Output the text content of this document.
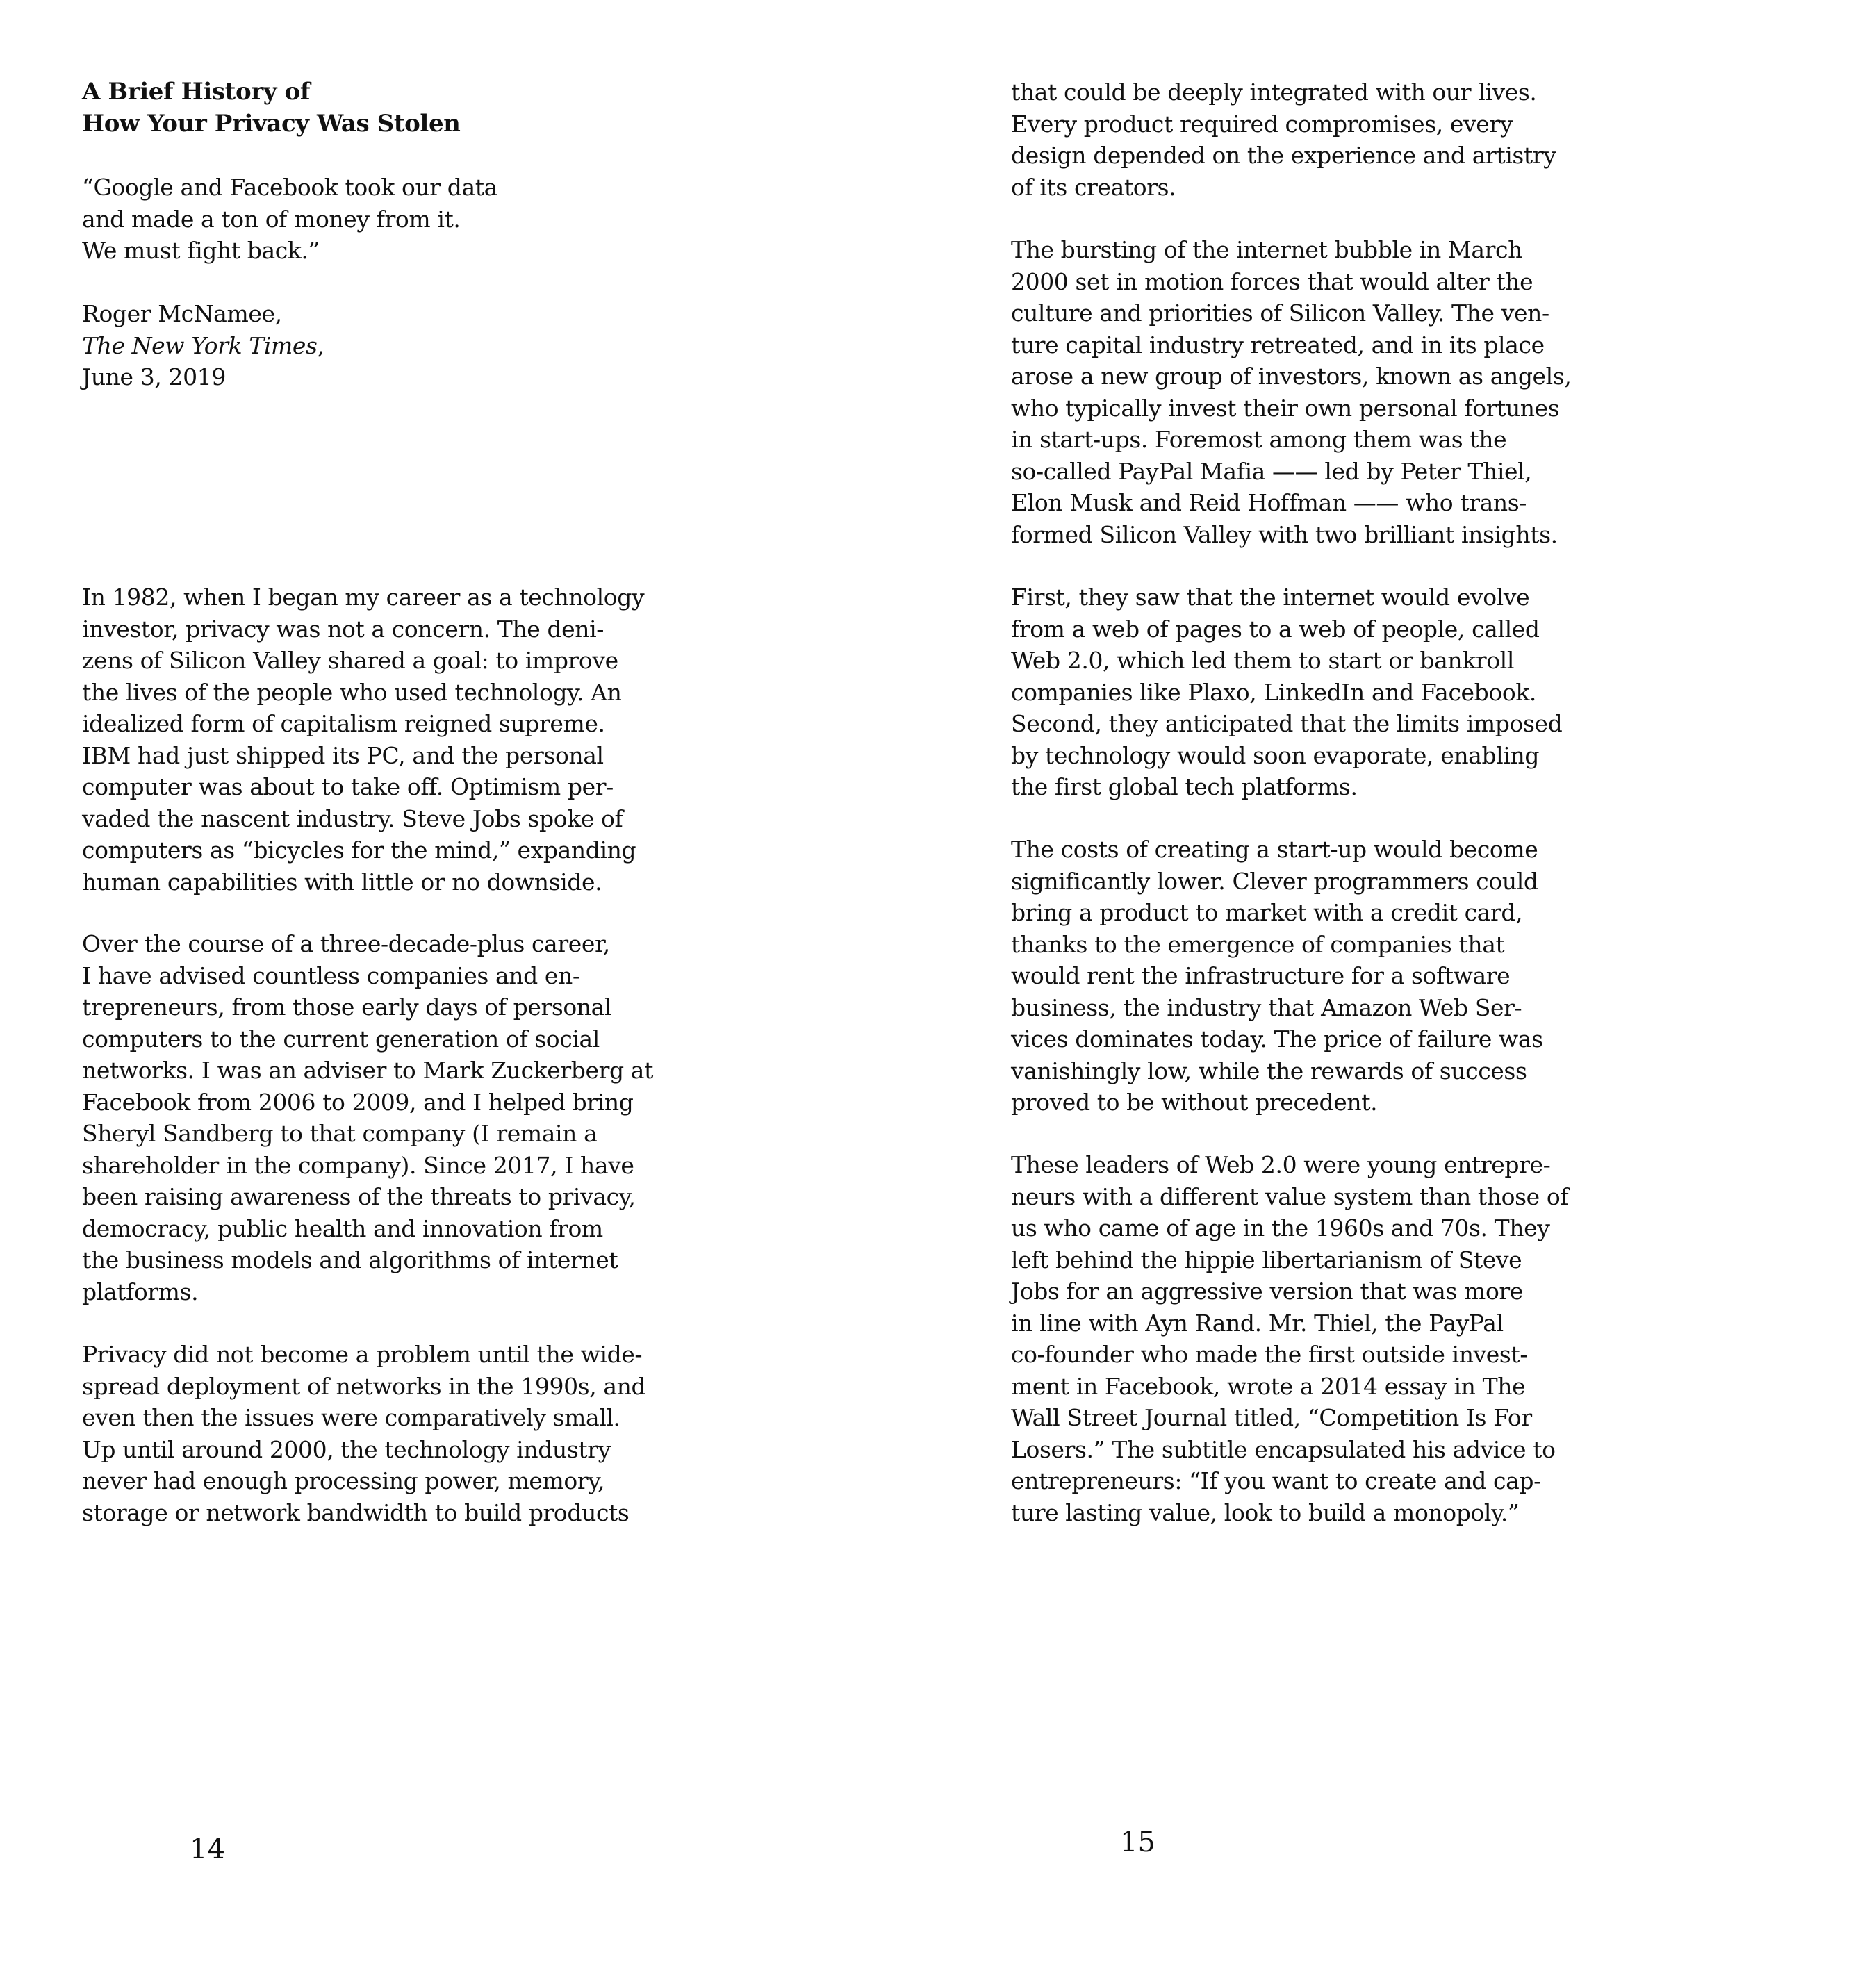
A Brief History of
How Your Privacy Was Stolen
“Google and Facebook took our data
and made a ton of money from it.
We must fight back.”
Roger McNamee,
The New York Times,
June 3, 2019
In 1982, when I began my career as a technology
investor, privacy was not a concern. The deni-
zens of Silicon Valley shared a goal: to improve
the lives of the people who used technology. An
idealized form of capitalism reigned supreme.
IBM had just shipped its PC, and the personal
computer was about to take off. Optimism per-
vaded the nascent industry. Steve Jobs spoke of
computers as “bicycles for the mind,” expanding
human capabilities with little or no downside.
Over the course of a three-decade-plus career,
I have advised countless companies and en-
trepreneurs, from those early days of personal
computers to the current generation of social
networks. I was an adviser to Mark Zuckerberg at
Facebook from 2006 to 2009, and I helped bring
Sheryl Sandberg to that company (I remain a
shareholder in the company). Since 2017, I have
been raising awareness of the threats to privacy,
democracy, public health and innovation from
the business models and algorithms of internet
platforms.
Privacy did not become a problem until the wide-
spread deployment of networks in the 1990s, and
even then the issues were comparatively small.
Up until around 2000, the technology industry
never had enough processing power, memory,
storage or network bandwidth to build products
14
that could be deeply integrated with our lives.
Every product required compromises, every
design depended on the experience and artistry
of its creators.
The bursting of the internet bubble in March
2000 set in motion forces that would alter the
culture and priorities of Silicon Valley. The ven-
ture capital industry retreated, and in its place
arose a new group of investors, known as angels,
who typically invest their own personal fortunes
in start-ups. Foremost among them was the
so-called PayPal Mafia —— led by Peter Thiel,
Elon Musk and Reid Hoffman —— who trans-
formed Silicon Valley with two brilliant insights.
First, they saw that the internet would evolve
from a web of pages to a web of people, called
Web 2.0, which led them to start or bankroll
companies like Plaxo, LinkedIn and Facebook.
Second, they anticipated that the limits imposed
by technology would soon evaporate, enabling
the first global tech platforms.
The costs of creating a start-up would become
significantly lower. Clever programmers could
bring a product to market with a credit card,
thanks to the emergence of companies that
would rent the infrastructure for a software
business, the industry that Amazon Web Ser-
vices dominates today. The price of failure was
vanishingly low, while the rewards of success
proved to be without precedent.
These leaders of Web 2.0 were young entrepre-
neurs with a different value system than those of
us who came of age in the 1960s and 70s. They
left behind the hippie libertarianism of Steve
Jobs for an aggressive version that was more
in line with Ayn Rand. Mr. Thiel, the PayPal
co-founder who made the first outside invest-
ment in Facebook, wrote a 2014 essay in The
Wall Street Journal titled, “Competition Is For
Losers.” The subtitle encapsulated his advice to
entrepreneurs: “If you want to create and cap-
ture lasting value, look to build a monopoly.”
15
